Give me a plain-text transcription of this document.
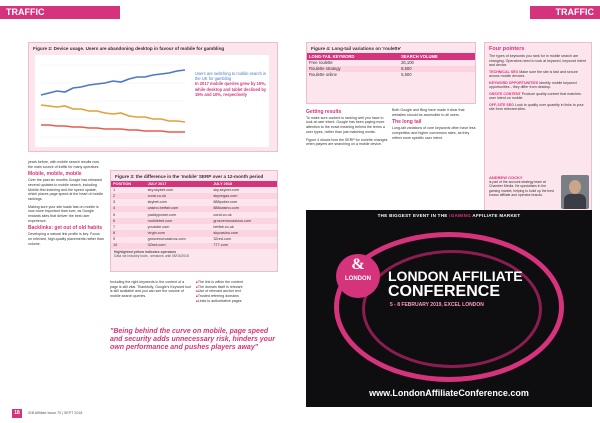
TRAFFIC	TRAFFIC
Figure 2: Device usage. Users are abandoning desktop in favour of mobile for gambling
Users are switching to mobile search in the UK for gambling
In 2017 mobile queries grew by 15%, while desktop and tablet declined by 15% and 10%, respectively
Figure 3: the difference in the 'mobile' SERP over a 12-month period
POSITION	JULY 2017	JULY 2018
1	sky.skybet.com	sky.skybet.com
2	coral.co.uk	skyvegas.com
3	skybet.com	888poker.com
4	casino.betfair.com	888casino.com
5	paddypower.com	coral.co.uk
6	mobilebet.com	grosvenorcasinos.com
7	youtube.com	betfair.co.uk
8	virgin.com	skycasino.com
9	grosvenorcasinos.com	32red.com
10	32red.com	777.com
Highlighted yellow indicates operators
Data via Industry tools - sessions until 05/03/2018
Figure 4: Long-tail variations on 'roulette'
LONG-TAIL KEYWORD	SEARCH VOLUME
Free roulette	26,100
Roulette strategy	8,500
Roulette online	5,500
Four pointers
The types of keywords you rank for in mobile search are changing. Operators need to look at keyword, keyword intent and device.
TECHNICAL SEO Make sure the site is fast and secure across mobile devices.
KEYWORD OPPORTUNITIES Identify mobile keyword opportunities - they differ from desktop.
ONSITE CONTENT Produce quality content that matches user intent on mobile.
OFF-SITE SEO Look to quality over quantity in links to your site from relevant sites.
ANDREW COCKY
is part of the account strategy team at Chamber Media. He specialises in the gaming market, helping to build up the best known affiliate and operator brands.

years before, with mobile search results now the main source of traffic for many operators.

Mobile, mobile, mobile

Over the past six months Google has released several updates to mobile search, including Mobile-first indexing and the speed update, which places page speed at the heart of mobile rankings.

Making sure your site loads fast on mobile is now more important than ever, as Google rewards sites that deliver the best user experience.

Backlinks: get out of old habits

Developing a natural link profile is key. Focus on relevant, high-quality placements rather than volume.

Including the right keywords in the content of a page is still vital. Thankfully, Google's Keyword tool is still available and you can see the volume of mobile search queries.

■ The link is within the content
■ The domain itself is relevant
■ Use of relevant anchor text
■ Trusted referring domains
■ Links to authoritative pages
"Being behind the curve on mobile, page speed and security adds unnecessary risk, hinders your own performance and pushes players away"
Getting results

To make sure content is ranking well you have to look at user intent. Google has been paying more attention to the exact meaning behind the terms a user types, rather than just matching words.

Figure 4 shows how the SERP for roulette changes when players are searching on a mobile device.

Both Google and Bing have made it clear that websites should be accessible to all users.

The long tail

Long-tail variations of core keywords often have less competition and higher conversion rates, as they reflect more specific user intent.

THE BIGGEST EVENT IN THE iGAMING AFFILIATE MARKET
&
LONDON	LONDON AFFILIATE
CONFERENCE
5 - 8 FEBRUARY 2019, EXCEL LONDON
www.LondonAffiliateConference.com
18	iGB Affiliate Issue 70 | SEPT 2018
